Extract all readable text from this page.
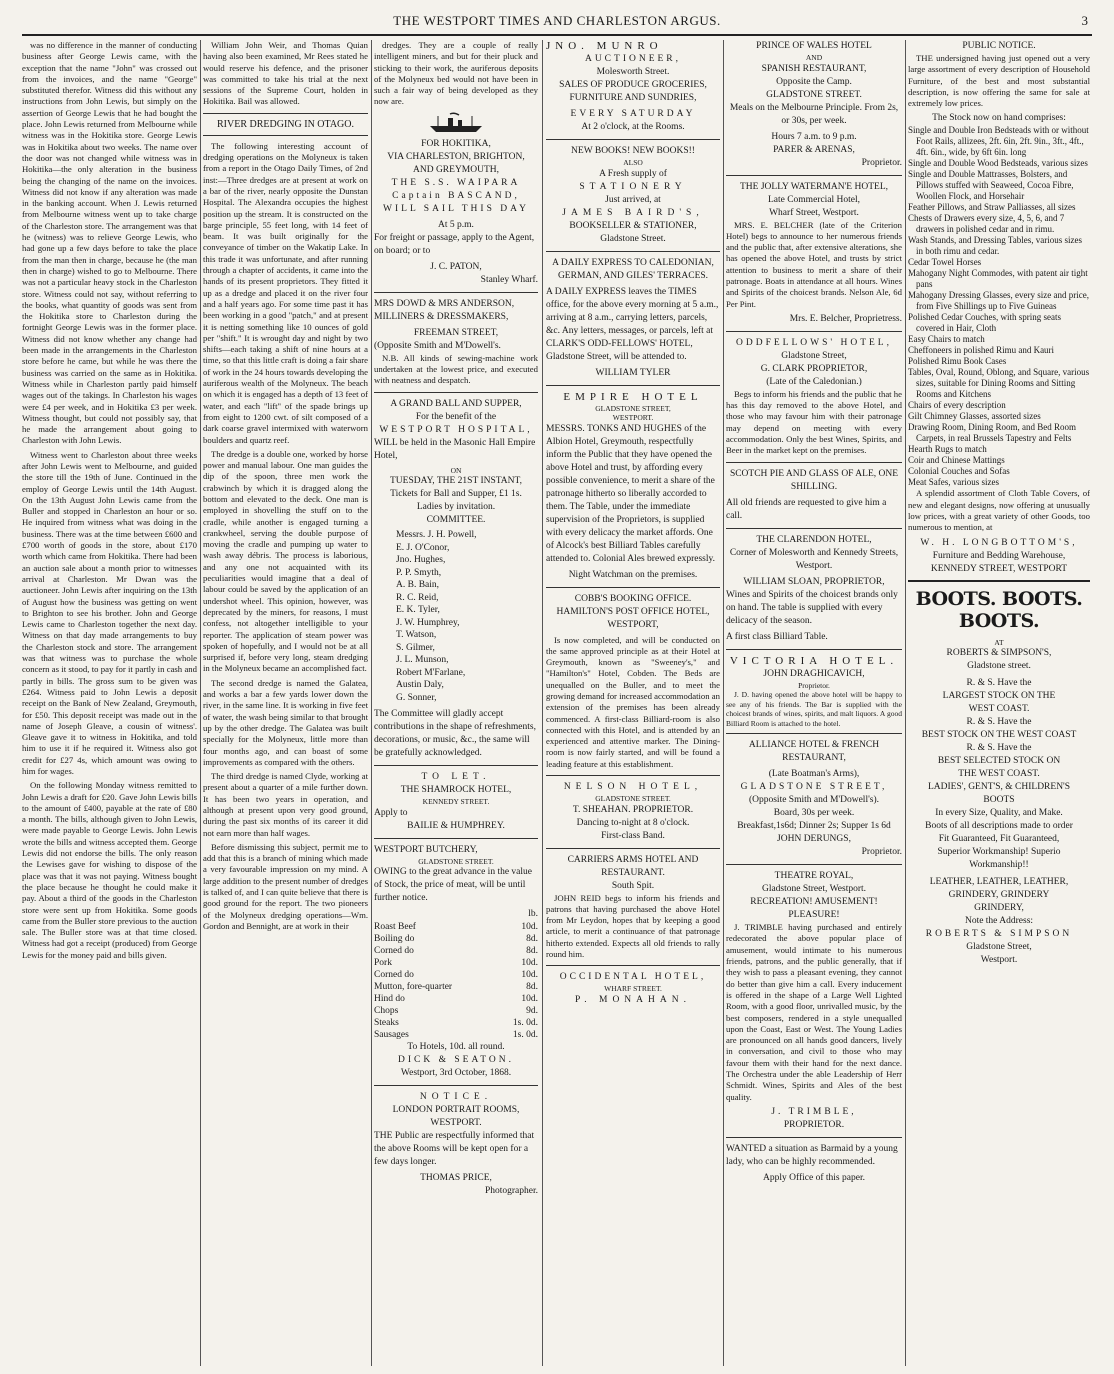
THE WESTPORT TIMES AND CHARLESTON ARGUS.	3

was no difference in the manner of conducting business after George Lewis came, with the exception that the name "John" was crossed out from the invoices, and the name "George" substituted therefor. Witness did this without any instructions from John Lewis, but simply on the assertion of George Lewis that he had bought the place. John Lewis returned from Melbourne while witness was in the Hokitika store. George Lewis was in Hokitika about two weeks. The name over the door was not changed while witness was in Hokitika—the only alteration in the business being the changing of the name on the invoices. Witness did not know if any alteration was made in the banking account. When J. Lewis returned from Melbourne witness went up to take charge of the Charleston store. The arrangement was that he (witness) was to relieve George Lewis, who had gone up a few days before to take the place from the man then in charge, because he (the man then in charge) wished to go to Melbourne. There was not a particular heavy stock in the Charleston store. Witness could not say, without referring to the books, what quantity of goods was sent from the Hokitika store to Charleston during the fortnight George Lewis was in the former place. Witness did not know whether any change had been made in the arrangements in the Charleston store before he came, but while he was there the business was carried on the same as in Hokitika. Witness while in Charleston partly paid himself wages out of the takings. In Charleston his wages were £4 per week, and in Hokitika £3 per week. Witness thought, but could not possibly say, that he made the arrangement about going to Charleston with John Lewis.

Witness went to Charleston about three weeks after John Lewis went to Melbourne, and guided the store till the 19th of June. Continued in the employ of George Lewis until the 14th August. On the 13th August John Lewis came from the Buller and stopped in Charleston an hour or so. He inquired from witness what was doing in the business. There was at the time between £600 and £700 worth of goods in the store, about £170 worth which came from Hokitika. There had been an auction sale about a month prior to witnesses arrival at Charleston. Mr Dwan was the auctioneer. John Lewis after inquiring on the 13th of August how the business was getting on went to Brighton to see his brother. John and George Lewis came to Charleston together the next day. Witness on that day made arrangements to buy the Charleston stock and store. The arrangement was that witness was to purchase the whole concern as it stood, to pay for it partly in cash and partly in bills. The gross sum to be given was £264. Witness paid to John Lewis a deposit receipt on the Bank of New Zealand, Greymouth, for £50. This deposit receipt was made out in the name of Joseph Gleave, a cousin of witness'. Gleave gave it to witness in Hokitika, and told him to use it if he required it. Witness also got credit for £27 4s, which amount was owing to him for wages.

On the following Monday witness remitted to John Lewis a draft for £20. Gave John Lewis bills to the amount of £400, payable at the rate of £80 a month. The bills, although given to John Lewis, were made payable to George Lewis. John Lewis wrote the bills and witness accepted them. George Lewis did not endorse the bills. The only reason the Lewises gave for wishing to dispose of the place was that it was not paying. Witness bought the place because he thought he could make it pay. About a third of the goods in the Charleston store were sent up from Hokitika. Some goods came from the Buller store previous to the auction sale. The Buller store was at that time closed. Witness had got a receipt (produced) from George Lewis for the money paid and bills given.

William John Weir, and Thomas Quian having also been examined, Mr Rees stated he would reserve his defence, and the prisoner was committed to take his trial at the next sessions of the Supreme Court, holden in Hokitika. Bail was allowed.

RIVER DREDGING IN OTAGO.

The following interesting account of dredging operations on the Molyneux is taken from a report in the Otago Daily Times, of 2nd inst:—Three dredges are at present at work on a bar of the river, nearly opposite the Dunstan Hospital. The Alexandra occupies the highest position up the stream. It is constructed on the barge principle, 55 feet long, with 14 feet of beam. It was built originally for the conveyance of timber on the Wakatip Lake. In this trade it was unfortunate, and after running through a chapter of accidents, it came into the hands of its present proprietors. They fitted it up as a dredge and placed it on the river four and a half years ago. For some time past it has been working in a good "patch," and at present it is netting something like 10 ounces of gold per "shift." It is wrought day and night by two shifts—each taking a shift of nine hours at a time, so that this little craft is doing a fair share of work in the 24 hours towards developing the auriferous wealth of the Molyneux. The beach on which it is engaged has a depth of 13 feet of water, and each "lift" of the spade brings up from eight to 1200 cwt. of silt composed of a dark coarse gravel intermixed with waterworn boulders and quartz reef.

The dredge is a double one, worked by horse power and manual labour. One man guides the dip of the spoon, three men work the crabwinch by which it is dragged along the bottom and elevated to the deck. One man is employed in shovelling the stuff on to the cradle, while another is engaged turning a crankwheel, serving the double purpose of moving the cradle and pumping up water to wash away débris. The process is laborious, and any one not acquainted with its peculiarities would imagine that a deal of labour could be saved by the application of an undershot wheel. This opinion, however, was deprecated by the miners, for reasons, I must confess, not altogether intelligible to your reporter. The application of steam power was spoken of hopefully, and I would not be at all surprised if, before very long, steam dredging in the Molyneux became an accomplished fact.

The second dredge is named the Galatea, and works a bar a few yards lower down the river, in the same line. It is working in five feet of water, the wash being similar to that brought up by the other dredge. The Galatea was built specially for the Molyneux, little more than four months ago, and can boast of some improvements as compared with the others.

The third dredge is named Clyde, working at present about a quarter of a mile further down. It has been two years in operation, and although at present upon very good ground, during the past six months of its career it did not earn more than half wages.

Before dismissing this subject, permit me to add that this is a branch of mining which made a very favourable impression on my mind. A large addition to the present number of dredges is talked of, and I can quite believe that there is good ground for the report. The two pioneers of the Molyneux dredging operations—Wm. Gordon and Bennight, are at work in their

dredges. They are a couple of really intelligent miners, and but for their pluck and sticking to their work, the auriferous deposits of the Molyneux bed would not have been in such a fair way of being developed as they now are.

FOR HOKITIKA,
VIA CHARLESTON, BRIGHTON,
AND GREYMOUTH,

THE S.S. WAIPARA Captain BASCAND, WILL SAIL THIS DAY

At 5 p.m.

For freight or passage, apply to the Agent, on board; or to

J. C. PATON,
Stanley Wharf.

MRS DOWD & MRS ANDERSON, MILLINERS & DRESSMAKERS,

FREEMAN STREET,
(Opposite Smith and M'Dowell's.

N.B. All kinds of sewing-machine work undertaken at the lowest price, and executed with neatness and despatch.

A GRAND BALL AND SUPPER,
For the benefit of the
WESTPORT HOSPITAL,

WILL be held in the Masonic Hall Empire Hotel,

ON
TUESDAY, THE 21ST INSTANT,
Tickets for Ball and Supper, £1 1s.
Ladies by invitation.
COMMITTEE.
Messrs. J. H. Powell,
E. J. O'Conor,
Jno. Hughes,
P. P. Smyth,
A. B. Bain,
R. C. Reid,
E. K. Tyler,
J. W. Humphrey,
T. Watson,
S. Gilmer,
J. L. Munson,
Robert M'Farlane,
Austin Daly,
G. Sonner,

The Committee will gladly accept contributions in the shape of refreshments, decorations, or music, &c., the same will be gratefully acknowledged.

TO LET.
THE SHAMROCK HOTEL,
KENNEDY STREET.
Apply to
BAILIE & HUMPHREY.
WESTPORT BUTCHERY,
GLADSTONE STREET.

OWING to the great advance in the value of Stock, the price of meat, will be until further notice.

lb.
Roast Beef	10d.
Boiling do	8d.
Corned do	8d.
Pork	10d.
Corned do	10d.
Mutton, fore-quarter	8d.
Hind do	10d.
Chops	9d.
Steaks	1s. 0d.
Sausages	1s. 0d.
To Hotels, 10d. all round.
DICK & SEATON.
Westport, 3rd October, 1868.
NOTICE.
LONDON PORTRAIT ROOMS, WESTPORT.

THE Public are respectfully informed that the above Rooms will be kept open for a few days longer.

THOMAS PRICE,
Photographer.
JNO. MUNRO
AUCTIONEER,
Molesworth Street.

SALES OF PRODUCE GROCERIES, FURNITURE AND SUNDRIES,

EVERY SATURDAY
At 2 o'clock, at the Rooms.
NEW BOOKS! NEW BOOKS!!
ALSO
A Fresh supply of
STATIONERY
Just arrived, at
JAMES BAIRD'S,
BOOKSELLER & STATIONER,
Gladstone Street.

A DAILY EXPRESS TO CALEDONIAN, GERMAN, AND GILES' TERRACES.

A DAILY EXPRESS leaves the TIMES office, for the above every morning at 5 a.m., arriving at 8 a.m., carrying letters, parcels, &c. Any letters, messages, or parcels, left at CLARK'S ODD-FELLOWS' HOTEL, Gladstone Street, will be attended to.

WILLIAM TYLER
EMPIRE HOTEL
GLADSTONE STREET,
WESTPORT.

MESSRS. TONKS AND HUGHES of the Albion Hotel, Greymouth, respectfully inform the Public that they have opened the above Hotel and trust, by affording every possible convenience, to merit a share of the patronage hitherto so liberally accorded to them. The Table, under the immediate supervision of the Proprietors, is supplied with every delicacy the market affords. One of Alcock's best Billiard Tables carefully attended to. Colonial Ales brewed expressly.

Night Watchman on the premises.
COBB'S BOOKING OFFICE.

HAMILTON'S POST OFFICE HOTEL, WESTPORT,

Is now completed, and will be conducted on the same approved principle as at their Hotel at Greymouth, known as "Sweeney's," and "Hamilton's" Hotel, Cobden. The Beds are unequalled on the Buller, and to meet the growing demand for increased accommodation an extension of the premises has been already commenced. A first-class Billiard-room is also connected with this Hotel, and is attended by an experienced and attentive marker. The Dining-room is now fairly started, and will be found a leading feature at this establishment.

NELSON HOTEL,
GLADSTONE STREET.
T. SHEAHAN. PROPRIETOR.
Dancing to-night at 8 o'clock.
First-class Band.
CARRIERS ARMS HOTEL AND RESTAURANT.
South Spit.

JOHN REID begs to inform his friends and patrons that having purchased the above Hotel from Mr Leydon, hopes that by keeping a good article, to merit a continuance of that patronage hitherto extended. Expects all old friends to rally round him.

OCCIDENTAL HOTEL,
WHARF STREET.
P. MONAHAN.
PRINCE OF WALES HOTEL
AND
SPANISH RESTAURANT,
Opposite the Camp.
GLADSTONE STREET.

Meals on the Melbourne Principle. From 2s, or 30s, per week.

Hours 7 a.m. to 9 p.m.
PARER & ARENAS,
Proprietor.
THE JOLLY WATERMAN'E HOTEL,
Late Commercial Hotel,
Wharf Street, Westport.

MRS. E. BELCHER (late of the Criterion Hotel) begs to announce to her numerous friends and the public that, after extensive alterations, she has opened the above Hotel, and trusts by strict attention to business to merit a share of their patronage. Boats in attendance at all hours. Wines and Spirits of the choicest brands. Nelson Ale, 6d Per Pint.

Mrs. E. Belcher, Proprietress.
ODDFELLOWS' HOTEL,
Gladstone Street,
G. CLARK PROPRIETOR,
(Late of the Caledonian.)

Begs to inform his friends and the public that he has this day removed to the above Hotel, and those who may favour him with their patronage may depend on meeting with every accommodation. Only the best Wines, Spirits, and Beer in the market kept on the premises.

SCOTCH PIE AND GLASS OF ALE, ONE SHILLING.

All old friends are requested to give him a call.

THE CLARENDON HOTEL,

Corner of Molesworth and Kennedy Streets, Westport.

WILLIAM SLOAN, PROPRIETOR,

Wines and Spirits of the choicest brands only on hand. The table is supplied with every delicacy of the season.

A first class Billiard Table.
VICTORIA HOTEL.
JOHN DRAGHICAVICH,
Proprietor.

J. D. having opened the above hotel will be happy to see any of his friends. The Bar is supplied with the choicest brands of wines, spirits, and malt liquors. A good Billiard Room is attached to the hotel.

ALLIANCE HOTEL & FRENCH RESTAURANT,

(Late Boatman's Arms),
GLADSTONE STREET,
(Opposite Smith and M'Dowell's).
Board, 30s per week.
Breakfast,1s6d; Dinner 2s; Supper 1s 6d
JOHN DERUNGS,
Proprietor.
THEATRE ROYAL,
Gladstone Street, Westport.
RECREATION! AMUSEMENT! PLEASURE!

J. TRIMBLE having purchased and entirely redecorated the above popular place of amusement, would intimate to his numerous friends, patrons, and the public generally, that if they wish to pass a pleasant evening, they cannot do better than give him a call. Every inducement is offered in the shape of a Large Well Lighted Room, with a good floor, unrivalled music, by the best composers, rendered in a style unequalled upon the Coast, East or West. The Young Ladies are pronounced on all hands good dancers, lively in conversation, and civil to those who may favour them with their hand for the next dance. The Orchestra under the able Leadership of Herr Schmidt. Wines, Spirits and Ales of the best quality.

J. TRIMBLE,
PROPRIETOR.

WANTED a situation as Barmaid by a young lady, who can be highly recommended.

Apply Office of this paper.
PUBLIC NOTICE.

THE undersigned having just opened out a very large assortment of every description of Household Furniture, of the best and most substantial description, is now offering the same for sale at extremely low prices.

The Stock now on hand comprises:
Single and Double Iron Bedsteads with or without Foot Rails, allizees, 2ft. 6in, 2ft. 9in., 3ft., 4ft., 4ft. 6in., wide, by 6ft 6in. long
Single and Double Wood Bedsteads, various sizes
Single and Double Mattrasses, Bolsters, and Pillows stuffed with Seaweed, Cocoa Fibre, Woollen Flock, and Horsehair
Feather Pillows, and Straw Palliasses, all sizes
Chests of Drawers every size, 4, 5, 6, and 7 drawers in polished cedar and in rimu.
Wash Stands, and Dressing Tables, various sizes in both rimu and cedar.
Cedar Towel Horses
Mahogany Night Commodes, with patent air tight pans
Mahogany Dressing Glasses, every size and price, from Five Shillings up to Five Guineas
Polished Cedar Couches, with spring seats covered in Hair, Cloth
Easy Chairs to match
Cheffoneers in polished Rimu and Kauri
Polished Rimu Book Cases
Tables, Oval, Round, Oblong, and Square, various sizes, suitable for Dining Rooms and Sitting Rooms and Kitchens
Chairs of every description
Gilt Chimney Glasses, assorted sizes
Drawing Room, Dining Room, and Bed Room Carpets, in real Brussels Tapestry and Felts
Hearth Rugs to match
Coir and Chinese Mattings
Colonial Couches and Sofas
Meat Safes, various sizes

A splendid assortment of Cloth Table Covers, of new and elegant designs, now offering at unusually low prices, with a great variety of other Goods, too numerous to mention, at

W. H. LONGBOTTOM'S,
Furniture and Bedding Warehouse,
KENNEDY STREET, WESTPORT
BOOTS. BOOTS. BOOTS.
AT
ROBERTS & SIMPSON'S,
Gladstone street.
R. & S. Have the
LARGEST STOCK ON THE
WEST COAST.
R. & S. Have the
BEST STOCK ON THE WEST COAST
R. & S. Have the
BEST SELECTED STOCK ON
THE WEST COAST.
LADIES', GENT'S, & CHILDREN'S
BOOTS
In every Size, Quality, and Make.
Boots of all descriptions made to order
Fit Guaranteed, Fit Guaranteed,
Superior Workmanship! Superio
Workmanship!!
LEATHER, LEATHER, LEATHER,
GRINDERY, GRINDERY
GRINDERY,
Note the Address:
ROBERTS & SIMPSON
Gladstone Street,
Westport.
